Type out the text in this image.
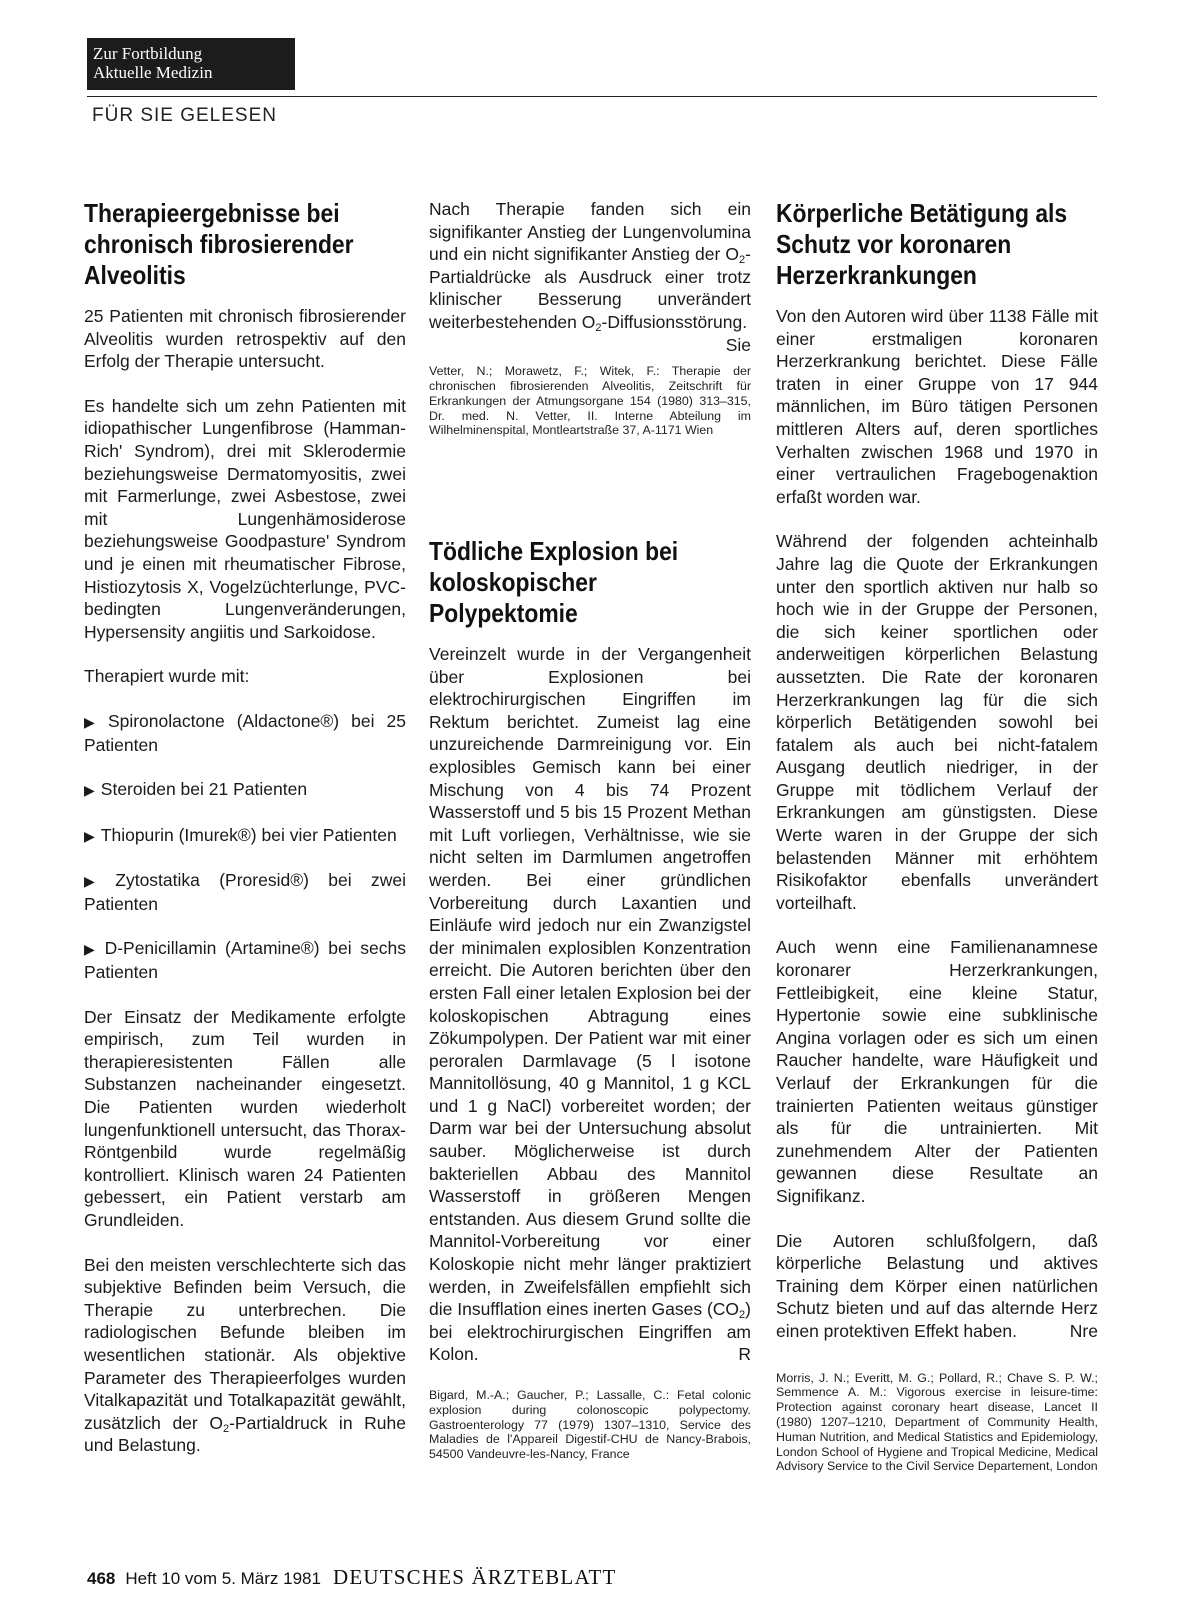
Zur Fortbildung
Aktuelle Medizin
FÜR SIE GELESEN
Therapieergebnisse bei chronisch fibrosierender Alveolitis

25 Patienten mit chronisch fibrosierender Alveolitis wurden retrospektiv auf den Erfolg der Therapie untersucht.

Es handelte sich um zehn Patienten mit idiopathischer Lungenfibrose (Hamman-Rich' Syndrom), drei mit Sklerodermie beziehungsweise Dermatomyositis, zwei mit Farmerlunge, zwei Asbestose, zwei mit Lungenhämosiderose beziehungsweise Goodpasture' Syndrom und je einen mit rheumatischer Fibrose, Histiozytosis X, Vogelzüchterlunge, PVC-bedingten Lungenveränderungen, Hypersensity angiitis und Sarkoidose.

Therapiert wurde mit:

▶ Spironolactone (Aldactone®) bei 25 Patienten
▶ Steroiden bei 21 Patienten
▶ Thiopurin (Imurek®) bei vier Patienten
▶ Zytostatika (Proresid®) bei zwei Patienten
▶ D-Penicillamin (Artamine®) bei sechs Patienten

Der Einsatz der Medikamente erfolgte empirisch, zum Teil wurden in therapieresistenten Fällen alle Substanzen nacheinander eingesetzt. Die Patienten wurden wiederholt lungenfunktionell untersucht, das Thorax-Röntgenbild wurde regelmäßig kontrolliert. Klinisch waren 24 Patienten gebessert, ein Patient verstarb am Grundleiden.

Bei den meisten verschlechterte sich das subjektive Befinden beim Versuch, die Therapie zu unterbrechen. Die radiologischen Befunde bleiben im wesentlichen stationär. Als objektive Parameter des Therapieerfolges wurden Vitalkapazität und Totalkapazität gewählt, zusätzlich der $O_2$-Partialdruck in Ruhe und Belastung.

Nach Therapie fanden sich ein signifikanter Anstieg der Lungenvolumina und ein nicht signifikanter Anstieg der $O_2$-Partialdrücke als Ausdruck einer trotz klinischer Besserung unverändert weiterbestehenden $O_2$-Diffusionsstörung.
Sie

Vetter, N.; Morawetz, F.; Witek, F.: Therapie der chronischen fibrosierenden Alveolitis, Zeitschrift für Erkrankungen der Atmungsorgane 154 (1980) 313–315, Dr. med. N. Vetter, II. Interne Abteilung im Wilhelminenspital, Montleartstraße 37, A-1171 Wien
Tödliche Explosion bei koloskopischer Polypektomie

Vereinzelt wurde in der Vergangenheit über Explosionen bei elektrochirurgischen Eingriffen im Rektum berichtet. Zumeist lag eine unzureichende Darmreinigung vor. Ein explosibles Gemisch kann bei einer Mischung von 4 bis 74 Prozent Wasserstoff und 5 bis 15 Prozent Methan mit Luft vorliegen, Verhältnisse, wie sie nicht selten im Darmlumen angetroffen werden. Bei einer gründlichen Vorbereitung durch Laxantien und Einläufe wird jedoch nur ein Zwanzigstel der minimalen explosiblen Konzentration erreicht. Die Autoren berichten über den ersten Fall einer letalen Explosion bei der koloskopischen Abtragung eines Zökumpolypen. Der Patient war mit einer peroralen Darmlavage (5 l isotone Mannitollösung, 40 g Mannitol, 1 g KCL und 1 g NaCl) vorbereitet worden; der Darm war bei der Untersuchung absolut sauber. Möglicherweise ist durch bakteriellen Abbau des Mannitol Wasserstoff in größeren Mengen entstanden. Aus diesem Grund sollte die Mannitol-Vorbereitung vor einer Koloskopie nicht mehr länger praktiziert werden, in Zweifelsfällen empfiehlt sich die Insufflation eines inerten Gases $(CO_2)$ bei elektrochirurgischen Eingriffen am Kolon.	R

Bigard, M.-A.; Gaucher, P.; Lassalle, C.: Fetal colonic explosion during colonoscopic polypectomy. Gastroenterology 77 (1979) 1307–1310, Service des Maladies de l'Appareil Digestif-CHU de Nancy-Brabois, 54500 Vandeuvre-les-Nancy, France
Körperliche Betätigung als Schutz vor koronaren Herzerkrankungen

Von den Autoren wird über 1138 Fälle mit einer erstmaligen koronaren Herzerkrankung berichtet. Diese Fälle traten in einer Gruppe von 17 944 männlichen, im Büro tätigen Personen mittleren Alters auf, deren sportliches Verhalten zwischen 1968 und 1970 in einer vertraulichen Fragebogenaktion erfaßt worden war.

Während der folgenden achteinhalb Jahre lag die Quote der Erkrankungen unter den sportlich aktiven nur halb so hoch wie in der Gruppe der Personen, die sich keiner sportlichen oder anderweitigen körperlichen Belastung aussetzten. Die Rate der koronaren Herzerkrankungen lag für die sich körperlich Betätigenden sowohl bei fatalem als auch bei nicht-fatalem Ausgang deutlich niedriger, in der Gruppe mit tödlichem Verlauf der Erkrankungen am günstigsten. Diese Werte waren in der Gruppe der sich belastenden Männer mit erhöhtem Risikofaktor ebenfalls unverändert vorteilhaft.

Auch wenn eine Familienanamnese koronarer Herzerkrankungen, Fettleibigkeit, eine kleine Statur, Hypertonie sowie eine subklinische Angina vorlagen oder es sich um einen Raucher handelte, ware Häufigkeit und Verlauf der Erkrankungen für die trainierten Patienten weitaus günstiger als für die untrainierten. Mit zunehmendem Alter der Patienten gewannen diese Resultate an Signifikanz.

Die Autoren schlußfolgern, daß körperliche Belastung und aktives Training dem Körper einen natürlichen Schutz bieten und auf das alternde Herz einen protektiven Effekt haben.	Nre

Morris, J. N.; Everitt, M. G.; Pollard, R.; Chave S. P. W.; Semmence A. M.: Vigorous exercise in leisure-time: Protection against coronary heart disease, Lancet II (1980) 1207–1210, Department of Community Health, Human Nutrition, and Medical Statistics and Epidemiology, London School of Hygiene and Tropical Medicine, Medical Advisory Service to the Civil Service Departement, London
468 Heft 10 vom 5. März 1981 DEUTSCHES ÄRZTEBLATT
